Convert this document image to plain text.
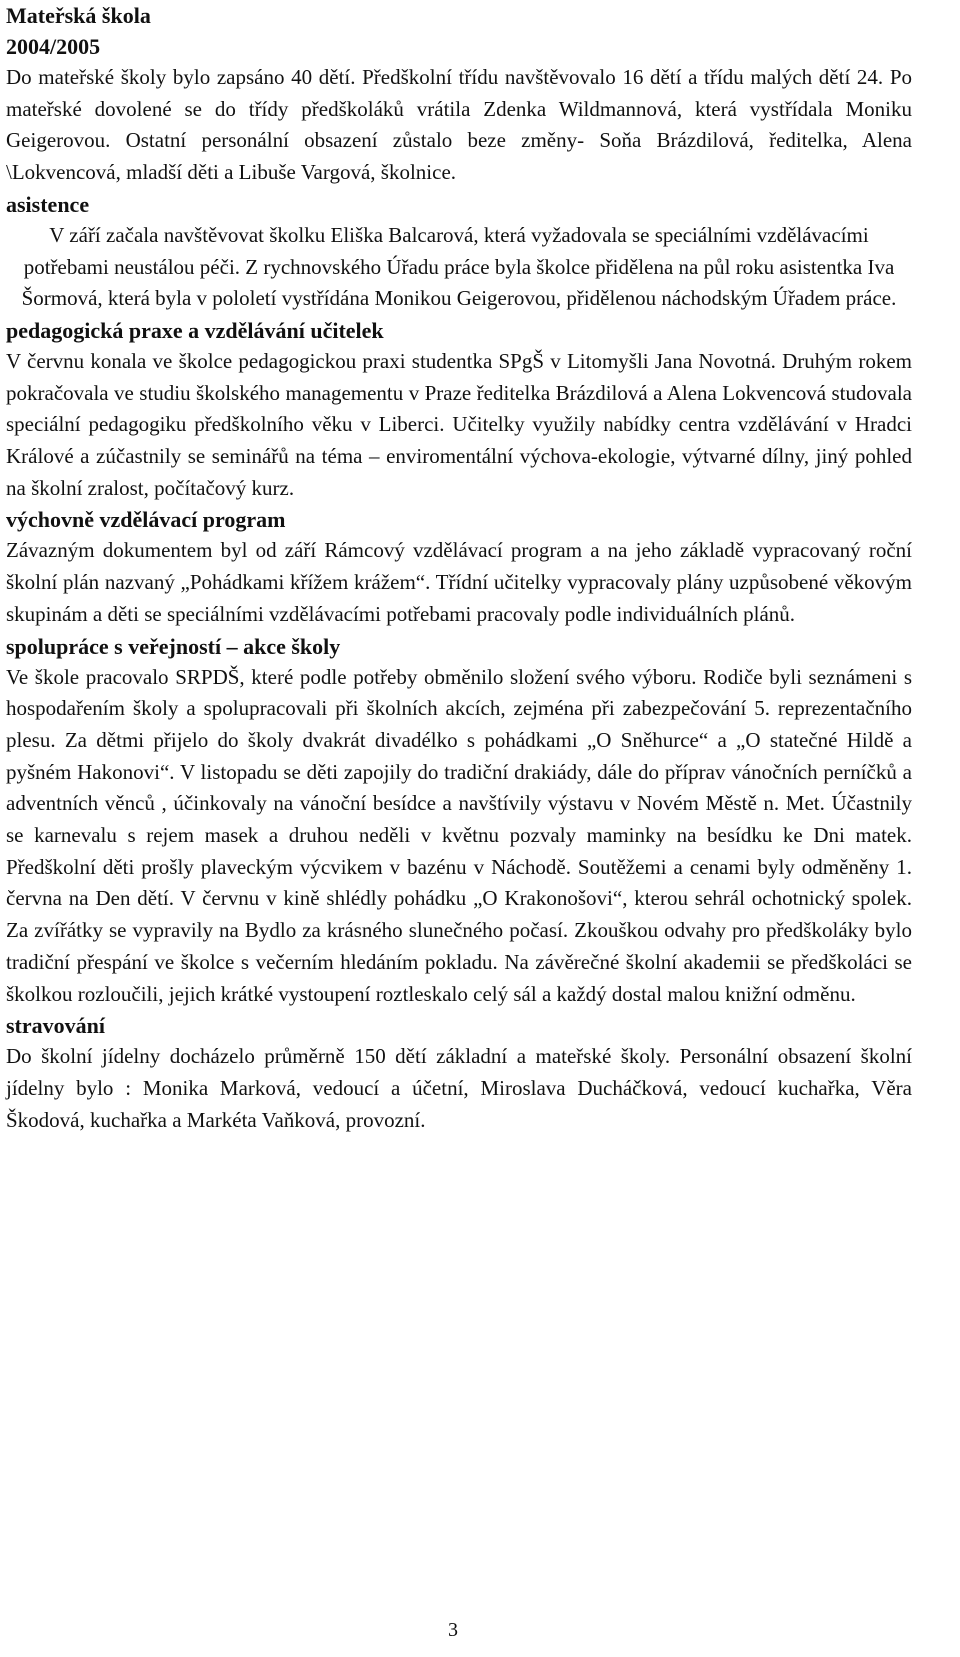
Mateřská škola
2004/2005

Do mateřské školy bylo zapsáno 40 dětí. Předškolní třídu navštěvovalo 16 dětí a třídu malých dětí 24. Po mateřské dovolené se do třídy předškoláků vrátila Zdenka Wildmannová, která vystřídala Moniku Geigerovou. Ostatní personální obsazení zůstalo beze změny- Soňa Brázdilová, ředitelka, Alena \Lokvencová, mladší děti a Libuše Vargová, školnice.

asistence

V září začala navštěvovat školku Eliška Balcarová, která vyžadovala se speciálními vzdělávacími potřebami neustálou péči. Z rychnovského Úřadu práce byla školce přidělena na půl roku asistentka Iva Šormová, která byla v pololetí vystřídána Monikou Geigerovou, přidělenou náchodským Úřadem práce.

pedagogická praxe a vzdělávání učitelek

V červnu konala ve školce pedagogickou praxi studentka SPgŠ v Litomyšli Jana Novotná. Druhým rokem pokračovala ve studiu školského managementu v Praze ředitelka Brázdilová a Alena Lokvencová studovala speciální pedagogiku předškolního věku v Liberci. Učitelky využily nabídky centra vzdělávání v Hradci Králové a zúčastnily se seminářů na téma – enviromentální výchova-ekologie, výtvarné dílny, jiný pohled na školní zralost, počítačový kurz.

výchovně vzdělávací program

Závazným dokumentem byl od září Rámcový vzdělávací program a na jeho základě vypracovaný roční školní plán nazvaný „Pohádkami křížem krážem“. Třídní učitelky vypracovaly plány uzpůsobené věkovým skupinám a děti se speciálními vzdělávacími potřebami pracovaly podle individuálních plánů.

spolupráce s veřejností – akce školy

Ve škole pracovalo SRPDŠ, které podle potřeby obměnilo složení svého výboru. Rodiče byli seznámeni s hospodařením školy a spolupracovali při školních akcích, zejména při zabezpečování 5. reprezentačního plesu. Za dětmi přijelo do školy dvakrát divadélko s pohádkami „O Sněhurce“ a „O statečné Hildě a pyšném Hakonovi“. V listopadu se děti zapojily do tradiční drakiády, dále do příprav vánočních perníčků a adventních věnců , účinkovaly na vánoční besídce a navštívily výstavu v Novém Městě n. Met. Účastnily se karnevalu s rejem masek a druhou neděli v květnu pozvaly maminky na besídku ke Dni matek. Předškolní děti prošly plaveckým výcvikem v bazénu v Náchodě. Soutěžemi a cenami byly odměněny 1. června na Den dětí. V červnu v kině shlédly pohádku „O Krakonošovi“, kterou sehrál ochotnický spolek. Za zvířátky se vypravily na Bydlo za krásného slunečného počasí. Zkouškou odvahy pro předškoláky bylo tradiční přespání ve školce s večerním hledáním pokladu. Na závěrečné školní akademii se předškoláci se školkou rozloučili, jejich krátké vystoupení roztleskalo celý sál a každý dostal malou knižní odměnu.

stravování

Do školní jídelny docházelo průměrně 150 dětí základní a mateřské školy. Personální obsazení školní jídelny bylo : Monika Marková, vedoucí a účetní, Miroslava Ducháčková, vedoucí kuchařka, Věra Škodová, kuchařka a Markéta Vaňková, provozní.

3
